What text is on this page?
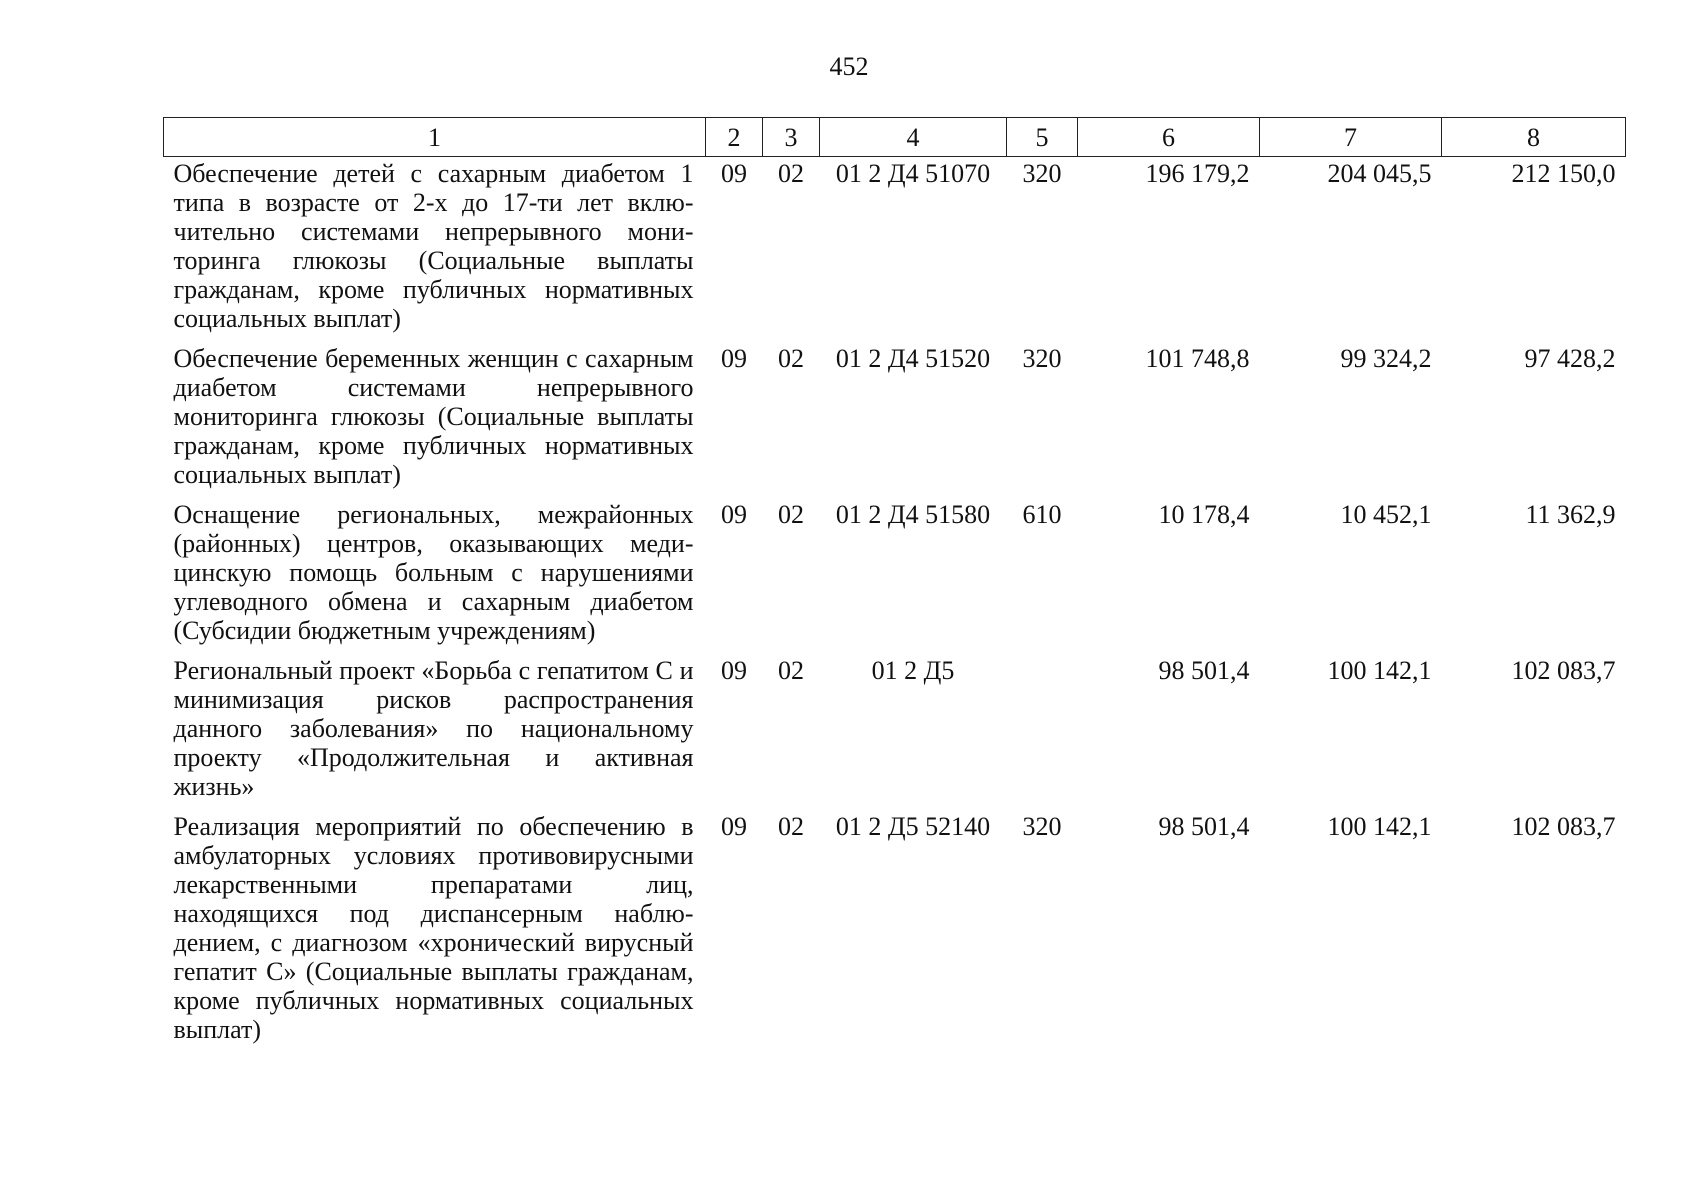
452
1	2	3	4	5	6	7	8
Обеспечение детей с сахарным диабетом 1 типа в возрасте от 2-х до 17-ти лет включительно системами непрерывного мониторинга глюкозы (Социальные выплаты гражданам, кроме публичных нормативных социальных выплат)	09	02	01 2 Д4 51070	320	196 179,2	204 045,5	212 150,0
Обеспечение беременных женщин с сахарным диабетом системами непрерывного мониторинга глюкозы (Социальные выплаты гражданам, кроме публичных нормативных социальных выплат)	09	02	01 2 Д4 51520	320	101 748,8	99 324,2	97 428,2
Оснащение региональных, межрайонных (районных) центров, оказывающих медицинскую помощь больным с нарушениями углеводного обмена и сахарным диабетом (Субсидии бюджетным учреждениям)	09	02	01 2 Д4 51580	610	10 178,4	10 452,1	11 362,9
Региональный проект «Борьба с гепатитом С и минимизация рисков распространения данного заболевания» по национальному проекту «Продолжительная и активная жизнь»	09	02	01 2 Д5		98 501,4	100 142,1	102 083,7
Реализация мероприятий по обеспечению в амбулаторных условиях противовирусными лекарственными препаратами лиц, находящихся под диспансерным наблюдением, с диагнозом «хронический вирусный гепатит С» (Социальные выплаты гражданам, кроме публичных нормативных социальных выплат)	09	02	01 2 Д5 52140	320	98 501,4	100 142,1	102 083,7
